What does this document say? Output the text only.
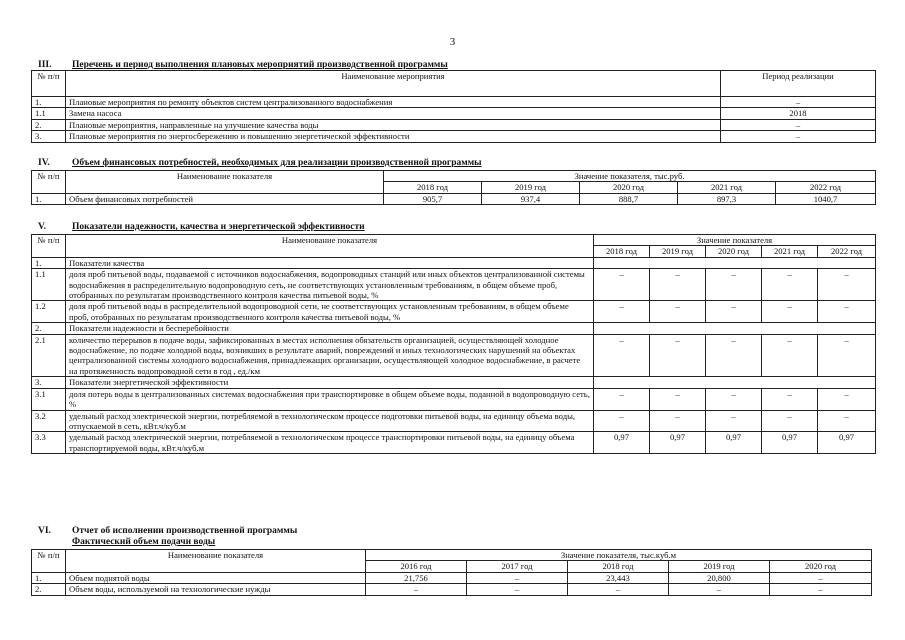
3
III. Перечень и период выполнения плановых мероприятий производственной программы
№ п/п	Наименование мероприятия	Период реализации
1.	Плановые мероприятия по ремонту объектов систем централизованного водоснабжения	–
1.1	Замена насоса	2018
2.	Плановые мероприятия, направленные на улучшение качества воды	–
3.	Плановые мероприятия по энергосбережению и повышению энергетической эффективности	–
IV. Объем финансовых потребностей, необходимых для реализации производственной программы
№ п/п	Наименование показателя	Значение показателя, тыс.руб.				
		2018 год	2019 год	2020 год	2021 год	2022 год
1.	Объем финансовых потребностей	905,7	937,4	888,7	897,3	1040,7
V.	Показатели надежности, качества и энергетической эффективности
№ п/п	Наименование показателя	Значение показателя				
		2018 год	2019 год	2020 год	2021 год	2022 год
1.	Показатели качества					
1.1	доля проб питьевой воды, подаваемой с источников водоснабжения, водопроводных станций или иных объектов централизованной системы водоснабжения в распределительную водопроводную сеть, не соответствующих установленным требованиям, в общем объеме проб, отобранных по результатам производственного контроля качества питьевой воды, %	–	–	–	–	–
1.2	доля проб питьевой воды в распределительной водопроводной сети, не соответствующих установленным требованиям, в общем объеме проб, отобранных по результатам производственного контроля качества питьевой воды, %	–	–	–	–	–
2.	Показатели надежности и бесперебойности					
2.1	количество перерывов в подаче воды, зафиксированных в местах исполнения обязательств организацией, осуществляющей холодное водоснабжение, по подаче холодной воды, возникших в результате аварий, повреждений и иных технологических нарушений на объектах централизованной системы холодного водоснабжения, принадлежащих организации, осуществляющей холодное водоснабжение, в расчете на протяженность водопроводной сети в год , ед./км	–	–	–	–	–
3.	Показатели энергетической эффективности					
3.1	доля потерь воды в централизованных системах водоснабжения при транспортировке в общем объеме воды, поданной в водопроводную сеть, %	–	–	–	–	–
3.2	удельный расход электрической энергии, потребляемой в технологическом процессе подготовки питьевой воды, на единицу объема воды, отпускаемой в сеть, кВт.ч/куб.м	–	–	–	–	–
3.3	удельный расход электрической энергии, потребляемой в технологическом процессе транспортировки питьевой воды, на единицу объема транспортируемой воды, кВт.ч/куб.м	0,97	0,97	0,97	0,97	0,97
VI. Отчет об исполнении производственной программы
Фактический объем подачи воды
№ п/п	Наименование показателя	Значение показателя, тыс.куб.м				
		2016 год	2017 год	2018 год	2019 год	2020 год
1.	Объем поднятой воды	21,756	–	23,443	20,800	–
2.	Объем воды, используемой на технологические нужды	–	–	–	–	–
